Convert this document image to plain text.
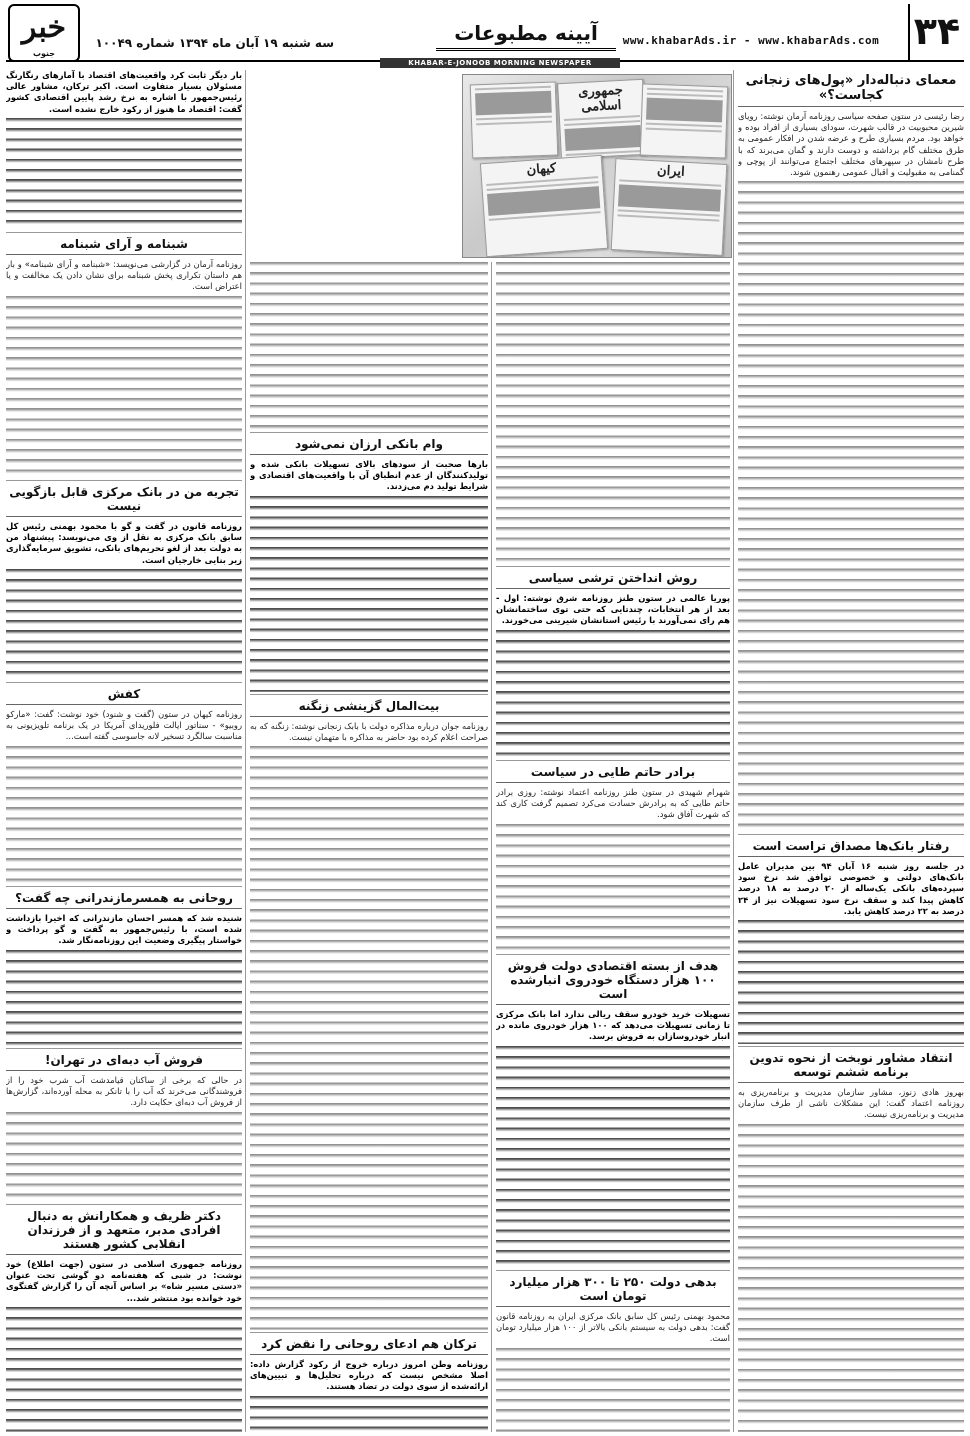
۳۴
www.khabarAds.ir - www.khabarAds.com
آیینه مطبوعات
سه شنبه ۱۹ آبان ماه ۱۳۹۴ شماره ۱۰۰۴۹
خبر
جنوب
KHABAR-E-JONOOB MORNING NEWSPAPER
جمهوری اسلامی
ایران
کیهان
معمای دنباله‌دار «پول‌های زنجانی کجاست؟»

رضا رئیسی در ستون صفحه سیاسی روزنامه آرمان نوشته: رویای شیرین محبوبیت در قالب شهرت، سودای بسیاری از افراد بوده و خواهد بود. مردم بسیاری طرح و عرضه شدن در افکار عمومی به طرق مختلف گام برداشته و دوست دارند و گمان می‌برند که با طرح نامشان در سپهرهای مختلف اجتماع می‌توانند از پوچی و گمنامی به مقبولیت و اقبال عمومی رهنمون شوند.

رفتار بانک‌ها مصداق تراست است

در جلسه روز شنبه ۱۶ آبان ۹۴ بین مدیران عامل بانک‌های دولتی و خصوصی توافق شد نرخ سود سپرده‌های بانکی یک‌ساله از ۲۰ درصد به ۱۸ درصد کاهش پیدا کند و سقف نرخ سود تسهیلات نیز از ۲۴ درصد به ۲۲ درصد کاهش یابد.

انتقاد مشاور نوبخت از نحوه تدوین برنامه ششم توسعه

بهروز هادی زنوز، مشاور سازمان مدیریت و برنامه‌ریزی به روزنامه اعتماد گفت: این مشکلات ناشی از طرف سازمان مدیریت و برنامه‌ریزی نیست.

روش انداختن ترشی سیاسی

پوریا عالمی در ستون طنز روزنامه شرق نوشته: اول - بعد از هر انتخابات، چندتایی که حتی توی ساختمانشان هم رای نمی‌آورند با رئیس استانشان شیرینی می‌خورند.

برادر حاتم طایی در سیاست

شهرام شهیدی در ستون طنز روزنامه اعتماد نوشته: روزی برادر حاتم طایی که به برادرش حسادت می‌کرد تصمیم گرفت کاری کند که شهرت آفاق شود.

هدف از بسته اقتصادی دولت فروش ۱۰۰ هزار دستگاه خودروی انبارشده است

تسهیلات خرید خودرو سقف ریالی ندارد اما بانک مرکزی تا زمانی تسهیلات می‌دهد که ۱۰۰ هزار خودروی مانده در انبار خودروسازان به فروش برسد.

بدهی دولت ۲۵۰ تا ۳۰۰ هزار میلیارد تومان است

محمود بهمنی رئیس کل سابق بانک مرکزی ایران به روزنامه قانون گفت: بدهی دولت به سیستم بانکی بالاتر از ۱۰۰ هزار میلیارد تومان است.

وام بانکی ارزان نمی‌شود

بارها صحبت از سودهای بالای تسهیلات بانکی شده و تولیدکنندگان از عدم انطباق آن با واقعیت‌های اقتصادی و شرایط تولید دم می‌زدند.

بیت‌المال گزینشی زنگنه

روزنامه جوان درباره مذاکره دولت با بابک زنجانی نوشته: زنگنه که به صراحت اعلام کرده بود حاضر به مذاکره با متهمان نیست.

ترکان هم ادعای روحانی را نقض کرد

روزنامه وطن امروز درباره خروج از رکود گزارش داده: اصلا مشخص نیست که درباره تحلیل‌ها و تبیین‌های ارائه‌شده از سوی دولت در تضاد هستند.

بار دیگر ثابت کرد واقعیت‌های اقتصاد با آمارهای رنگارنگ مسئولان بسیار متفاوت است. اکبر ترکان، مشاور عالی رئیس‌جمهور با اشاره به نرخ رشد پایین اقتصادی کشور گفت: اقتصاد ما هنوز از رکود خارج نشده است.

شبنامه و آرای شبنامه

روزنامه آرمان در گزارشی می‌نویسد: «شبنامه و آرای شبنامه» و بار هم داستان تکراری پخش شبنامه برای نشان دادن یک مخالفت و یا اعتراض است.

تجربه من در بانک مرکزی قابل بازگویی نیست

روزنامه قانون در گفت و گو با محمود بهمنی رئیس کل سابق بانک مرکزی به نقل از وی می‌نویسد: پیشنهاد من به دولت بعد از لغو تحریم‌های بانکی، تشویق سرمایه‌گذاری زیر بنایی خارجیان است.

کفش

روزنامه کیهان در ستون (گفت و شنود) خود نوشت: گفت: «مارکو روبیو» - سناتور ایالت فلوریدای آمریکا در یک برنامه تلویزیونی به مناسبت سالگرد تسخیر لانه جاسوسی گفته است...

روحانی به همسرمازندرانی چه گفت؟

شنیده شد که همسر احسان مازندرانی که اخیرا بازداشت شده است، با رئیس‌جمهور به گفت و گو پرداخت و خواستار پیگیری وضعیت این روزنامه‌نگار شد.

فروش آب دبه‌ای در تهران!

در حالی که برخی از ساکنان قیامدشت آب شرب خود را از فروشندگانی می‌خرند که آب را با تانکر به محله آورده‌اند، گزارش‌ها از فروش آب دبه‌ای حکایت دارد.

دکتر ظریف و همکارانش به دنبال افرادی مدبر، متعهد و از فرزندان انقلابی کشور هستند

روزنامه جمهوری اسلامی در ستون (جهت اطلاع) خود نوشت: در شبی که هفته‌نامه دو گوشی تحت عنوان «دستی مسیر شاه» بر اساس آنچه آن را گزارش گفتگوی خود خوانده بود منتشر شد...
